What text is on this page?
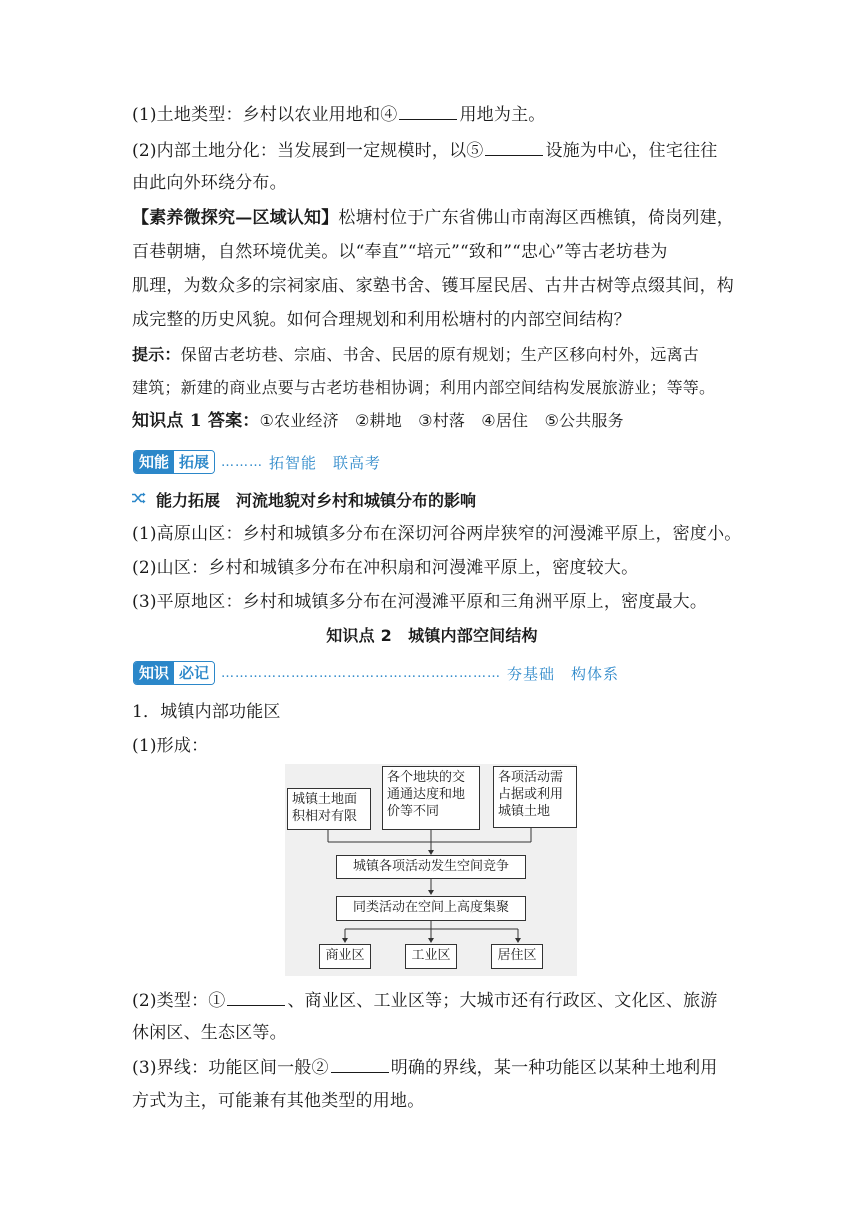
(1)土地类型：乡村以农业用地和④	用地为主。
(2)内部土地分化：当发展到一定规模时，以⑤	设施为中心，住宅往往
由此向外环绕分布。
【素养微探究—区域认知】松塘村位于广东省佛山市南海区西樵镇，倚岗列建，
百巷朝塘，自然环境优美。以“奉直”“培元”“致和”“忠心”等古老坊巷为
肌理，为数众多的宗祠家庙、家塾书舍、镬耳屋民居、古井古树等点缀其间，构
成完整的历史风貌。如何合理规划和利用松塘村的内部空间结构？
提示：保留古老坊巷、宗庙、书舍、民居的原有规划；生产区移向村外，远离古
建筑；新建的商业点要与古老坊巷相协调；利用内部空间结构发展旅游业；等等。
知识点 1 答案：①农业经济　②耕地　③村落　④居住　⑤公共服务
知能 拓展 ……… 拓智能　联高考
能力拓展　河流地貌对乡村和城镇分布的影响
(1)高原山区：乡村和城镇多分布在深切河谷两岸狭窄的河漫滩平原上，密度小。
(2)山区：乡村和城镇多分布在冲积扇和河漫滩平原上，密度较大。
(3)平原地区：乡村和城镇多分布在河漫滩平原和三角洲平原上，密度最大。
知识点 2　城镇内部空间结构
知识 必记 …………………………………………………… 夯基础　构体系
1．城镇内部功能区
(1)形成：
城镇土地面积相对有限
各个地块的交通通达度和地价等不同
各项活动需占据或利用城镇土地
城镇各项活动发生空间竞争
同类活动在空间上高度集聚
商业区	工业区	居住区
(2)类型：①	、商业区、工业区等；大城市还有行政区、文化区、旅游
休闲区、生态区等。
(3)界线：功能区间一般②	明确的界线，某一种功能区以某种土地利用
方式为主，可能兼有其他类型的用地。
